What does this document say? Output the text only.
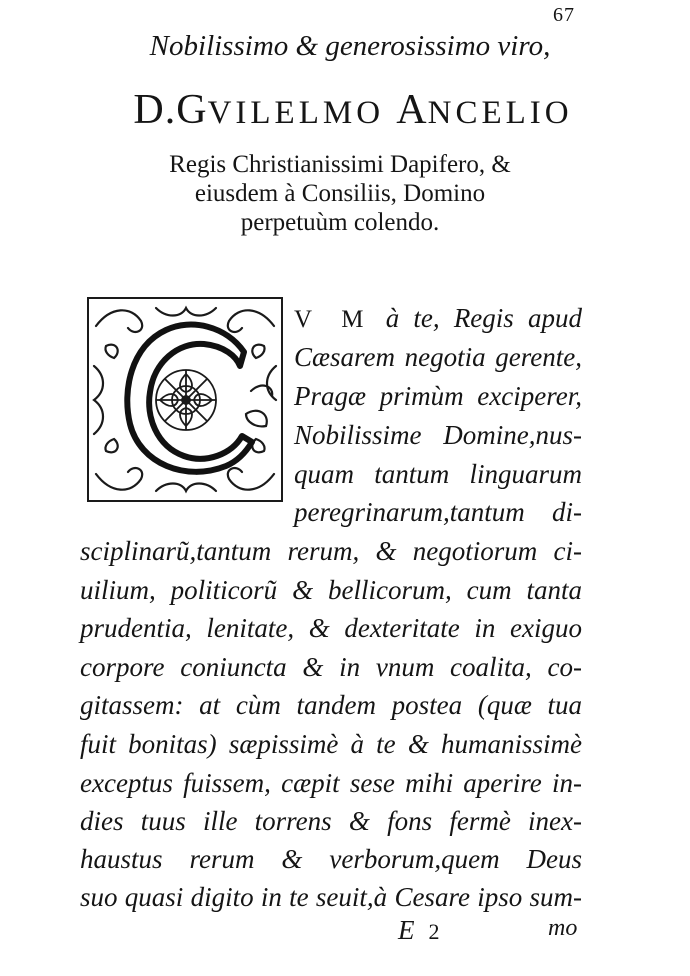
67
Nobilissimo & generosissimo viro,
D.GVILELMO ANCELIO
Regis Christianissimi Dapifero, &
eiusdem à Consiliis, Domino
perpetuùm colendo.
V M à te, Regis apud
Cæsarem negotia gerente,
Pragæ primùm exciperer,
Nobilissime Domine,nus-
quam tantum linguarum
peregrinarum,tantum di-
sciplinarũ,tantum rerum, & negotiorum ci-
uilium, politicorũ & bellicorum, cum tanta
prudentia, lenitate, & dexteritate in exiguo
corpore coniuncta & in vnum coalita, co-
gitassem: at cùm tandem postea (quæ tua
fuit bonitas) sæpissimè à te & humanissimè
exceptus fuissem, cæpit sese mihi aperire in-
dies tuus ille torrens & fons fermè inex-
haustus rerum & verborum,quem Deus
suo quasi digito in te seuit,à Cesare ipso sum-
E 2	mo
